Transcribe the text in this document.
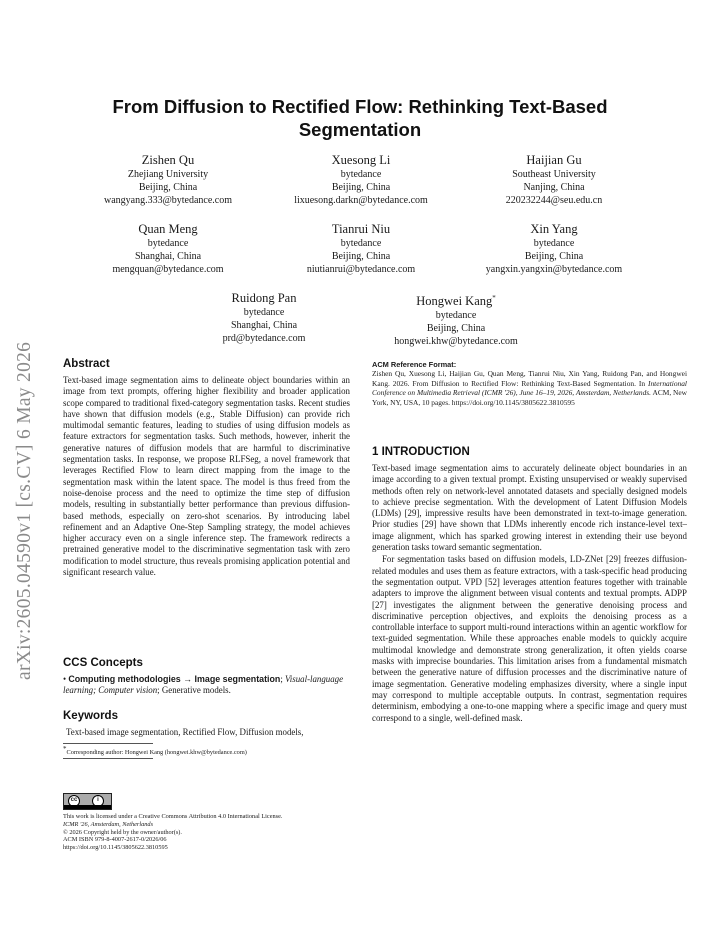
arXiv:2605.04590v1 [cs.CV] 6 May 2026
From Diffusion to Rectified Flow: Rethinking Text-Based Segmentation
Zishen Qu
Zhejiang University
Beijing, China
wangyang.333@bytedance.com
Xuesong Li
bytedance
Beijing, China
lixuesong.darkn@bytedance.com
Haijian Gu
Southeast University
Nanjing, China
220232244@seu.edu.cn
Quan Meng
bytedance
Shanghai, China
mengquan@bytedance.com
Tianrui Niu
bytedance
Beijing, China
niutianrui@bytedance.com
Xin Yang
bytedance
Beijing, China
yangxin.yangxin@bytedance.com
Ruidong Pan
bytedance
Shanghai, China
prd@bytedance.com
Hongwei Kang*
bytedance
Beijing, China
hongwei.khw@bytedance.com
Abstract

Text-based image segmentation aims to delineate object boundaries within an image from text prompts, offering higher flexibility and broader application scope compared to traditional fixed-category segmentation tasks. Recent studies have shown that diffusion models (e.g., Stable Diffusion) can provide rich multimodal semantic features, leading to studies of using diffusion models as feature extractors for segmentation tasks. Such methods, however, inherit the generative natures of diffusion models that are harmful to discriminative segmentation tasks. In response, we propose RLFSeg, a novel framework that leverages Rectified Flow to learn direct mapping from the image to the segmentation mask within the latent space. The model is thus freed from the noise-denoise process and the need to optimize the time step of diffusion models, resulting in substantially better performance than previous diffusion-based methods, especially on zero-shot scenarios. By introducing label refinement and an Adaptive One-Step Sampling strategy, the model achieves higher accuracy even on a single inference step. The framework redirects a pretrained generative model to the discriminative segmentation task with zero modification to model structure, thus reveals promising application potential and significant research value.

CCS Concepts

• Computing methodologies → Image segmentation; Visual-language learning; Computer vision; Generative models.

Keywords

Text-based image segmentation, Rectified Flow, Diffusion models,

*Corresponding author: Hongwei Kang (hongwei.khw@bytedance.com)
cc	i
This work is licensed under a Creative Commons Attribution 4.0 International License.
ICMR '26, Amsterdam, Netherlands
© 2026 Copyright held by the owner/author(s).
ACM ISBN 979-8-4007-2617-0/2026/06
https://doi.org/10.1145/3805622.3810595

ACM Reference Format:

Zishen Qu, Xuesong Li, Haijian Gu, Quan Meng, Tianrui Niu, Xin Yang, Ruidong Pan, and Hongwei Kang. 2026. From Diffusion to Rectified Flow: Rethinking Text-Based Segmentation. In International Conference on Multimedia Retrieval (ICMR '26), June 16–19, 2026, Amsterdam, Netherlands. ACM, New York, NY, USA, 10 pages. https://doi.org/10.1145/3805622.3810595

1 INTRODUCTION

Text-based image segmentation aims to accurately delineate object boundaries in an image according to a given textual prompt. Existing unsupervised or weakly supervised methods often rely on network-level annotated datasets and specially designed models to achieve precise segmentation. With the development of Latent Diffusion Models (LDMs) [29], impressive results have been demonstrated in text-to-image generation. Prior studies [29] have shown that LDMs inherently encode rich instance-level text–image alignment, which has sparked growing interest in extending their use beyond generation tasks toward semantic segmentation.

For segmentation tasks based on diffusion models, LD-ZNet [29] freezes diffusion-related modules and uses them as feature extractors, with a task-specific head producing the segmentation output. VPD [52] leverages attention features together with trainable adapters to improve the alignment between visual contents and textual prompts. ADPP [27] investigates the alignment between the generative denoising process and discriminative perception objectives, and exploits the denoising process as a controllable interface to support multi-round interactions within an agentic workflow for text-guided segmentation. While these approaches enable models to quickly acquire multimodal knowledge and demonstrate strong generalization, it often yields coarse masks with imprecise boundaries. This limitation arises from a fundamental mismatch between the generative nature of diffusion processes and the discriminative nature of image segmentation. Generative modeling emphasizes diversity, where a single input may correspond to multiple acceptable outputs. In contrast, segmentation requires determinism, embodying a one-to-one mapping where a specific image and query must correspond to a single, well-defined mask.
